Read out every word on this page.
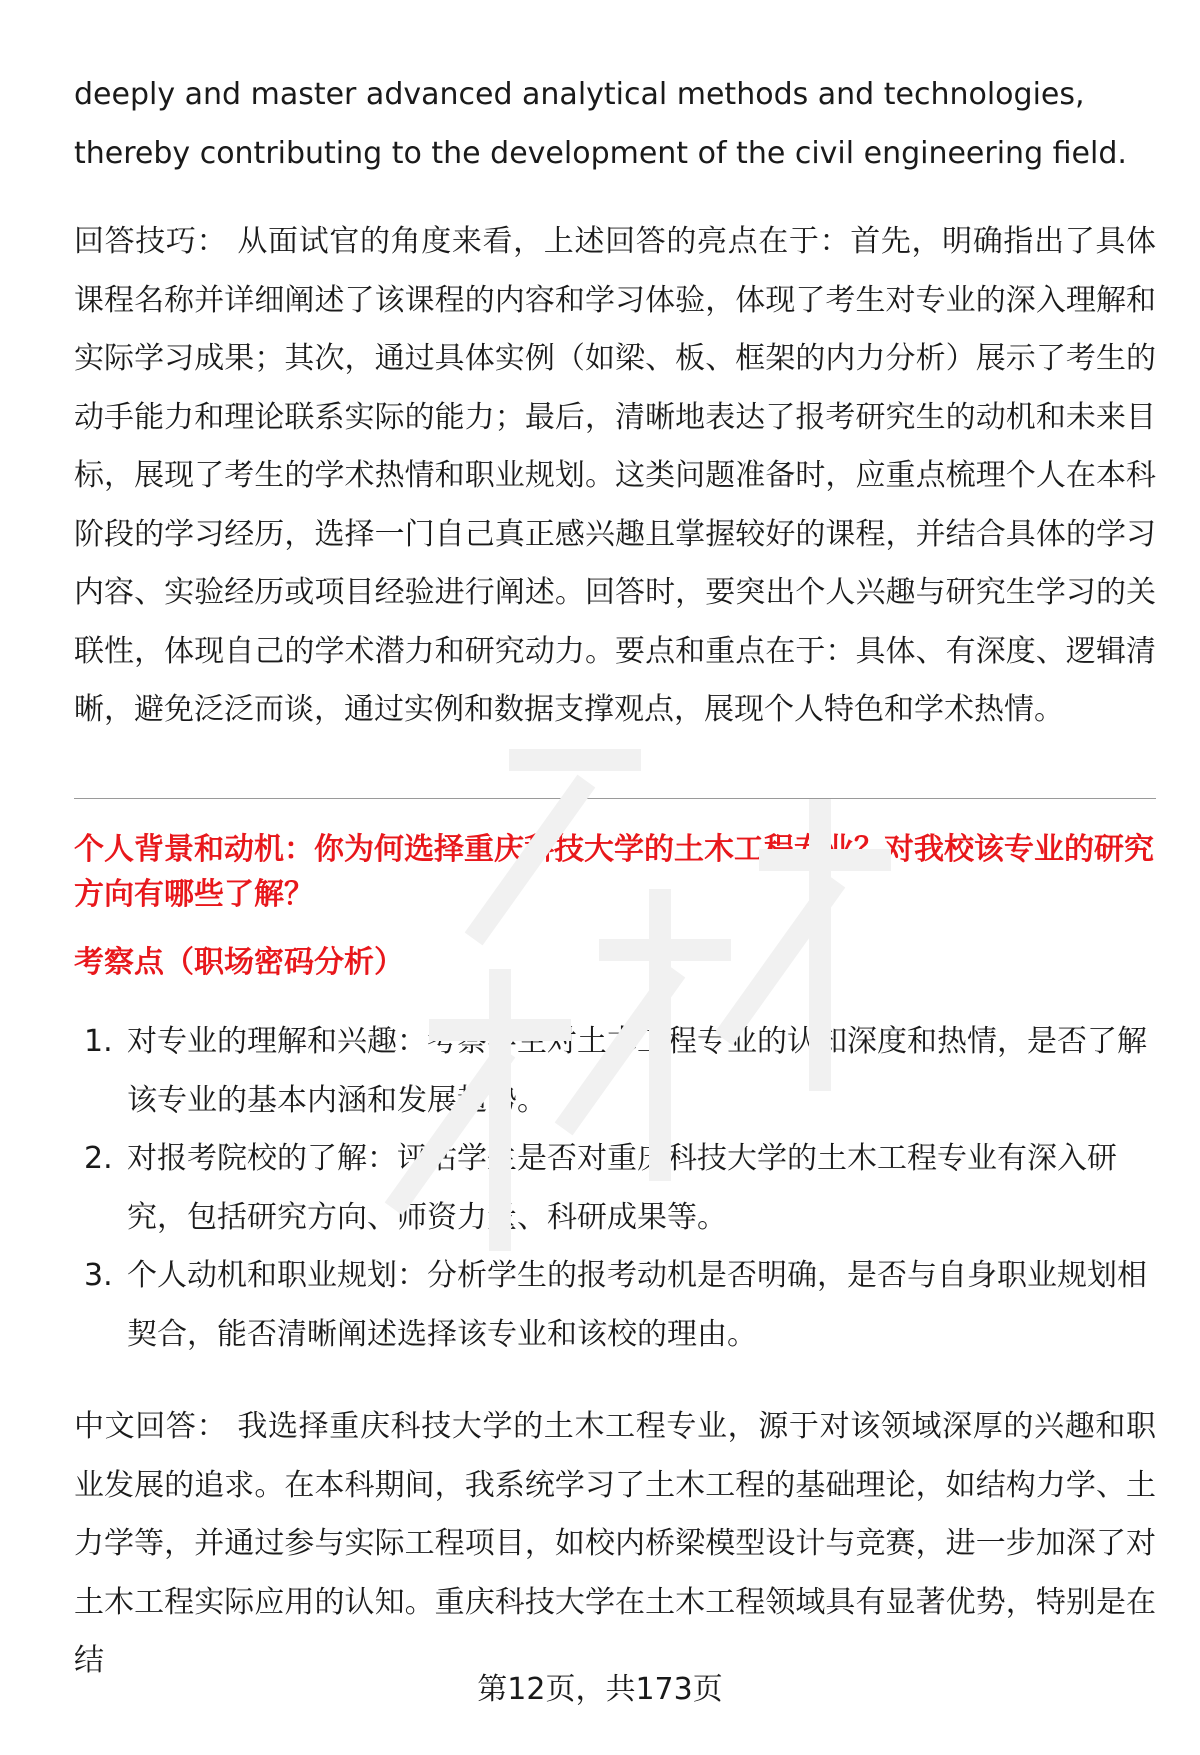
deeply and master advanced analytical methods and technologies, thereby contributing to the development of the civil engineering field.

回答技巧： 从面试官的角度来看，上述回答的亮点在于：首先，明确指出了具体课程名称并详细阐述了该课程的内容和学习体验，体现了考生对专业的深入理解和实际学习成果；其次，通过具体实例（如梁、板、框架的内力分析）展示了考生的动手能力和理论联系实际的能力；最后，清晰地表达了报考研究生的动机和未来目标，展现了考生的学术热情和职业规划。这类问题准备时，应重点梳理个人在本科阶段的学习经历，选择一门自己真正感兴趣且掌握较好的课程，并结合具体的学习内容、实验经历或项目经验进行阐述。回答时，要突出个人兴趣与研究生学习的关联性，体现自己的学术潜力和研究动力。要点和重点在于：具体、有深度、逻辑清晰，避免泛泛而谈，通过实例和数据支撑观点，展现个人特色和学术热情。

个人背景和动机：你为何选择重庆科技大学的土木工程专业？对我校该专业的研究方向有哪些了解？
考察点（职场密码分析）
1. 对专业的理解和兴趣：考察学生对土木工程专业的认知深度和热情，是否了解该专业的基本内涵和发展趋势。
2. 对报考院校的了解：评估学生是否对重庆科技大学的土木工程专业有深入研究，包括研究方向、师资力量、科研成果等。
3. 个人动机和职业规划：分析学生的报考动机是否明确，是否与自身职业规划相契合，能否清晰阐述选择该专业和该校的理由。

中文回答： 我选择重庆科技大学的土木工程专业，源于对该领域深厚的兴趣和职业发展的追求。在本科期间，我系统学习了土木工程的基础理论，如结构力学、土力学等，并通过参与实际工程项目，如校内桥梁模型设计与竞赛，进一步加深了对土木工程实际应用的认知。重庆科技大学在土木工程领域具有显著优势，特别是在结

第12页，共173页
